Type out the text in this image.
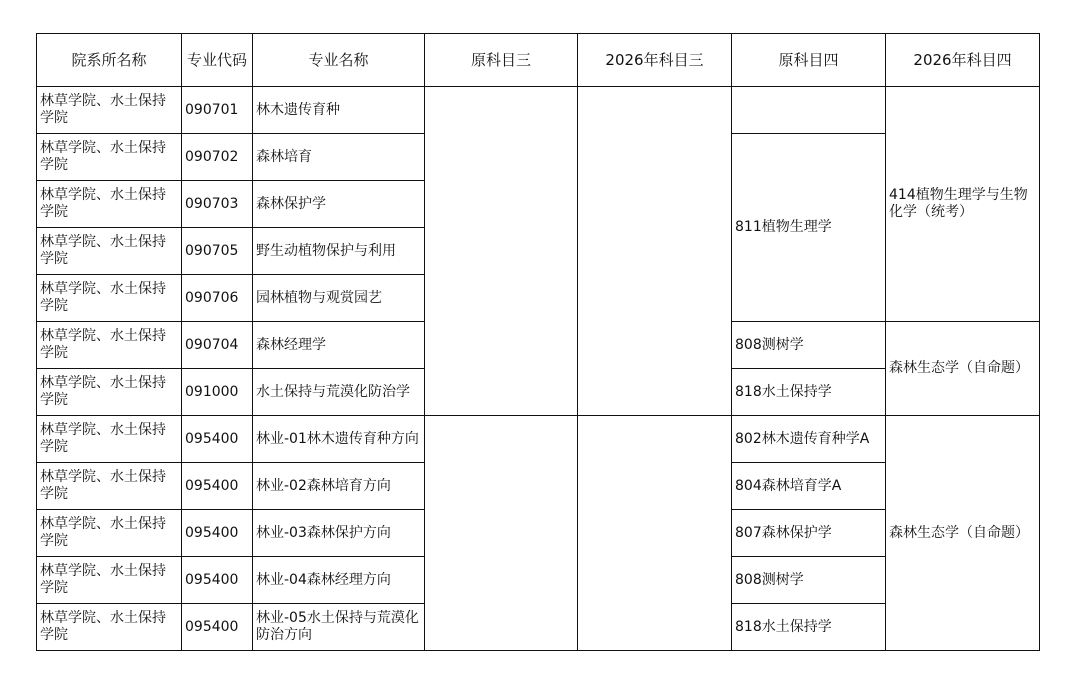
院系所名称	专业代码	专业名称	原科目三	2026年科目三	原科目四	2026年科目四
林草学院、水土保持学院	090701	林木遗传育种				414植物生理学与生物化学（统考）
林草学院、水土保持学院	090702	森林培育			811植物生理学	
林草学院、水土保持学院	090703	森林保护学				
林草学院、水土保持学院	090705	野生动植物保护与利用				
林草学院、水土保持学院	090706	园林植物与观赏园艺				
林草学院、水土保持学院	090704	森林经理学			808测树学	森林生态学（自命题）
林草学院、水土保持学院	091000	水土保持与荒漠化防治学			818水土保持学	
林草学院、水土保持学院	095400	林业-01林木遗传育种方向			802林木遗传育种学A	森林生态学（自命题）
林草学院、水土保持学院	095400	林业-02森林培育方向			804森林培育学A	
林草学院、水土保持学院	095400	林业-03森林保护方向			807森林保护学	
林草学院、水土保持学院	095400	林业-04森林经理方向			808测树学	
林草学院、水土保持学院	095400	林业-05水土保持与荒漠化防治方向			818水土保持学	
